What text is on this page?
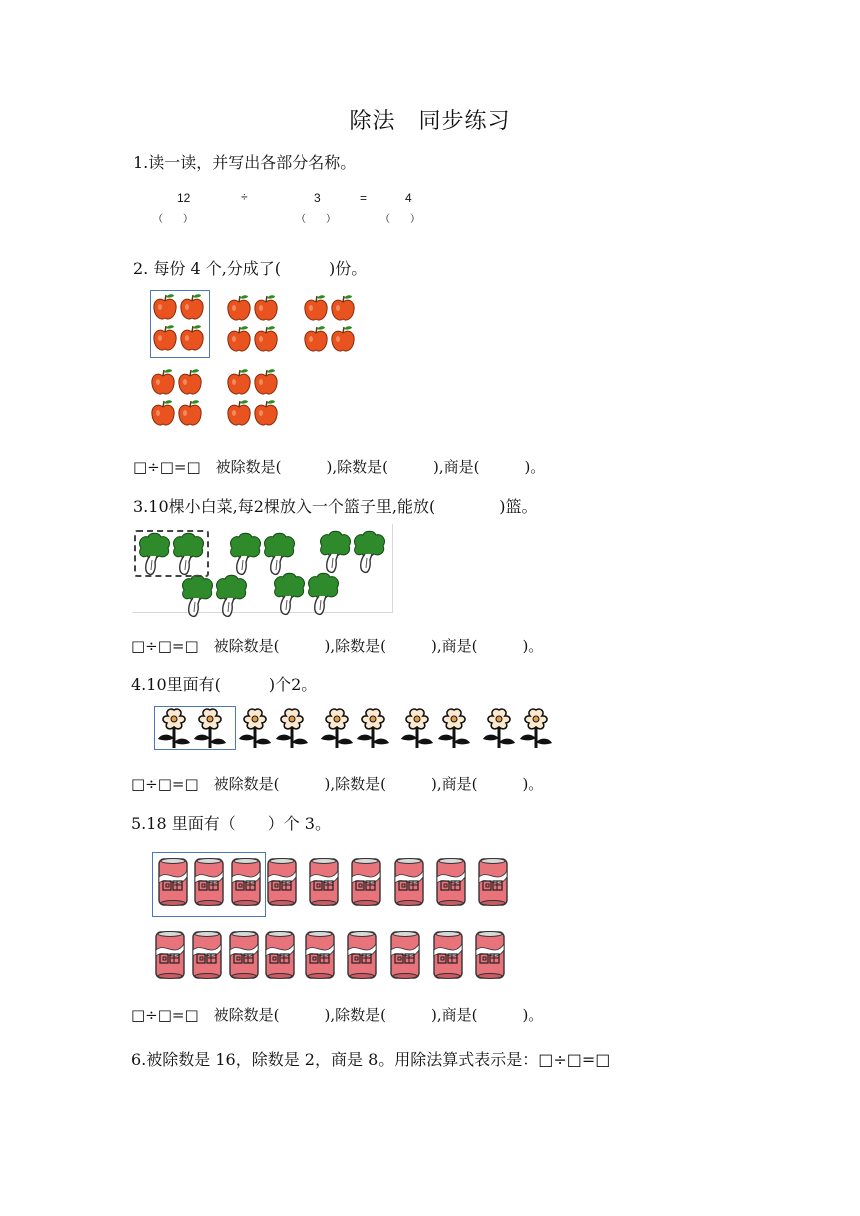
除法　同步练习
1.读一读，并写出各部分名称。
12	÷	3	=	4
（　　）	（　　）	（　　）
2. 每份 4 个,分成了(　　　)份。
□÷□=□　被除数是(　　　),除数是(　　　),商是(　　　)。
3.10棵小白菜,每2棵放入一个篮子里,能放(　　　　)篮。
□÷□=□　被除数是(　　　),除数是(　　　),商是(　　　)。
4.10里面有(　　　)个2。
□÷□=□　被除数是(　　　),除数是(　　　),商是(　　　)。
5.18 里面有（　　）个 3。
□÷□=□　被除数是(　　　),除数是(　　　),商是(　　　)。
6.被除数是 16，除数是 2，商是 8。用除法算式表示是：□÷□=□
